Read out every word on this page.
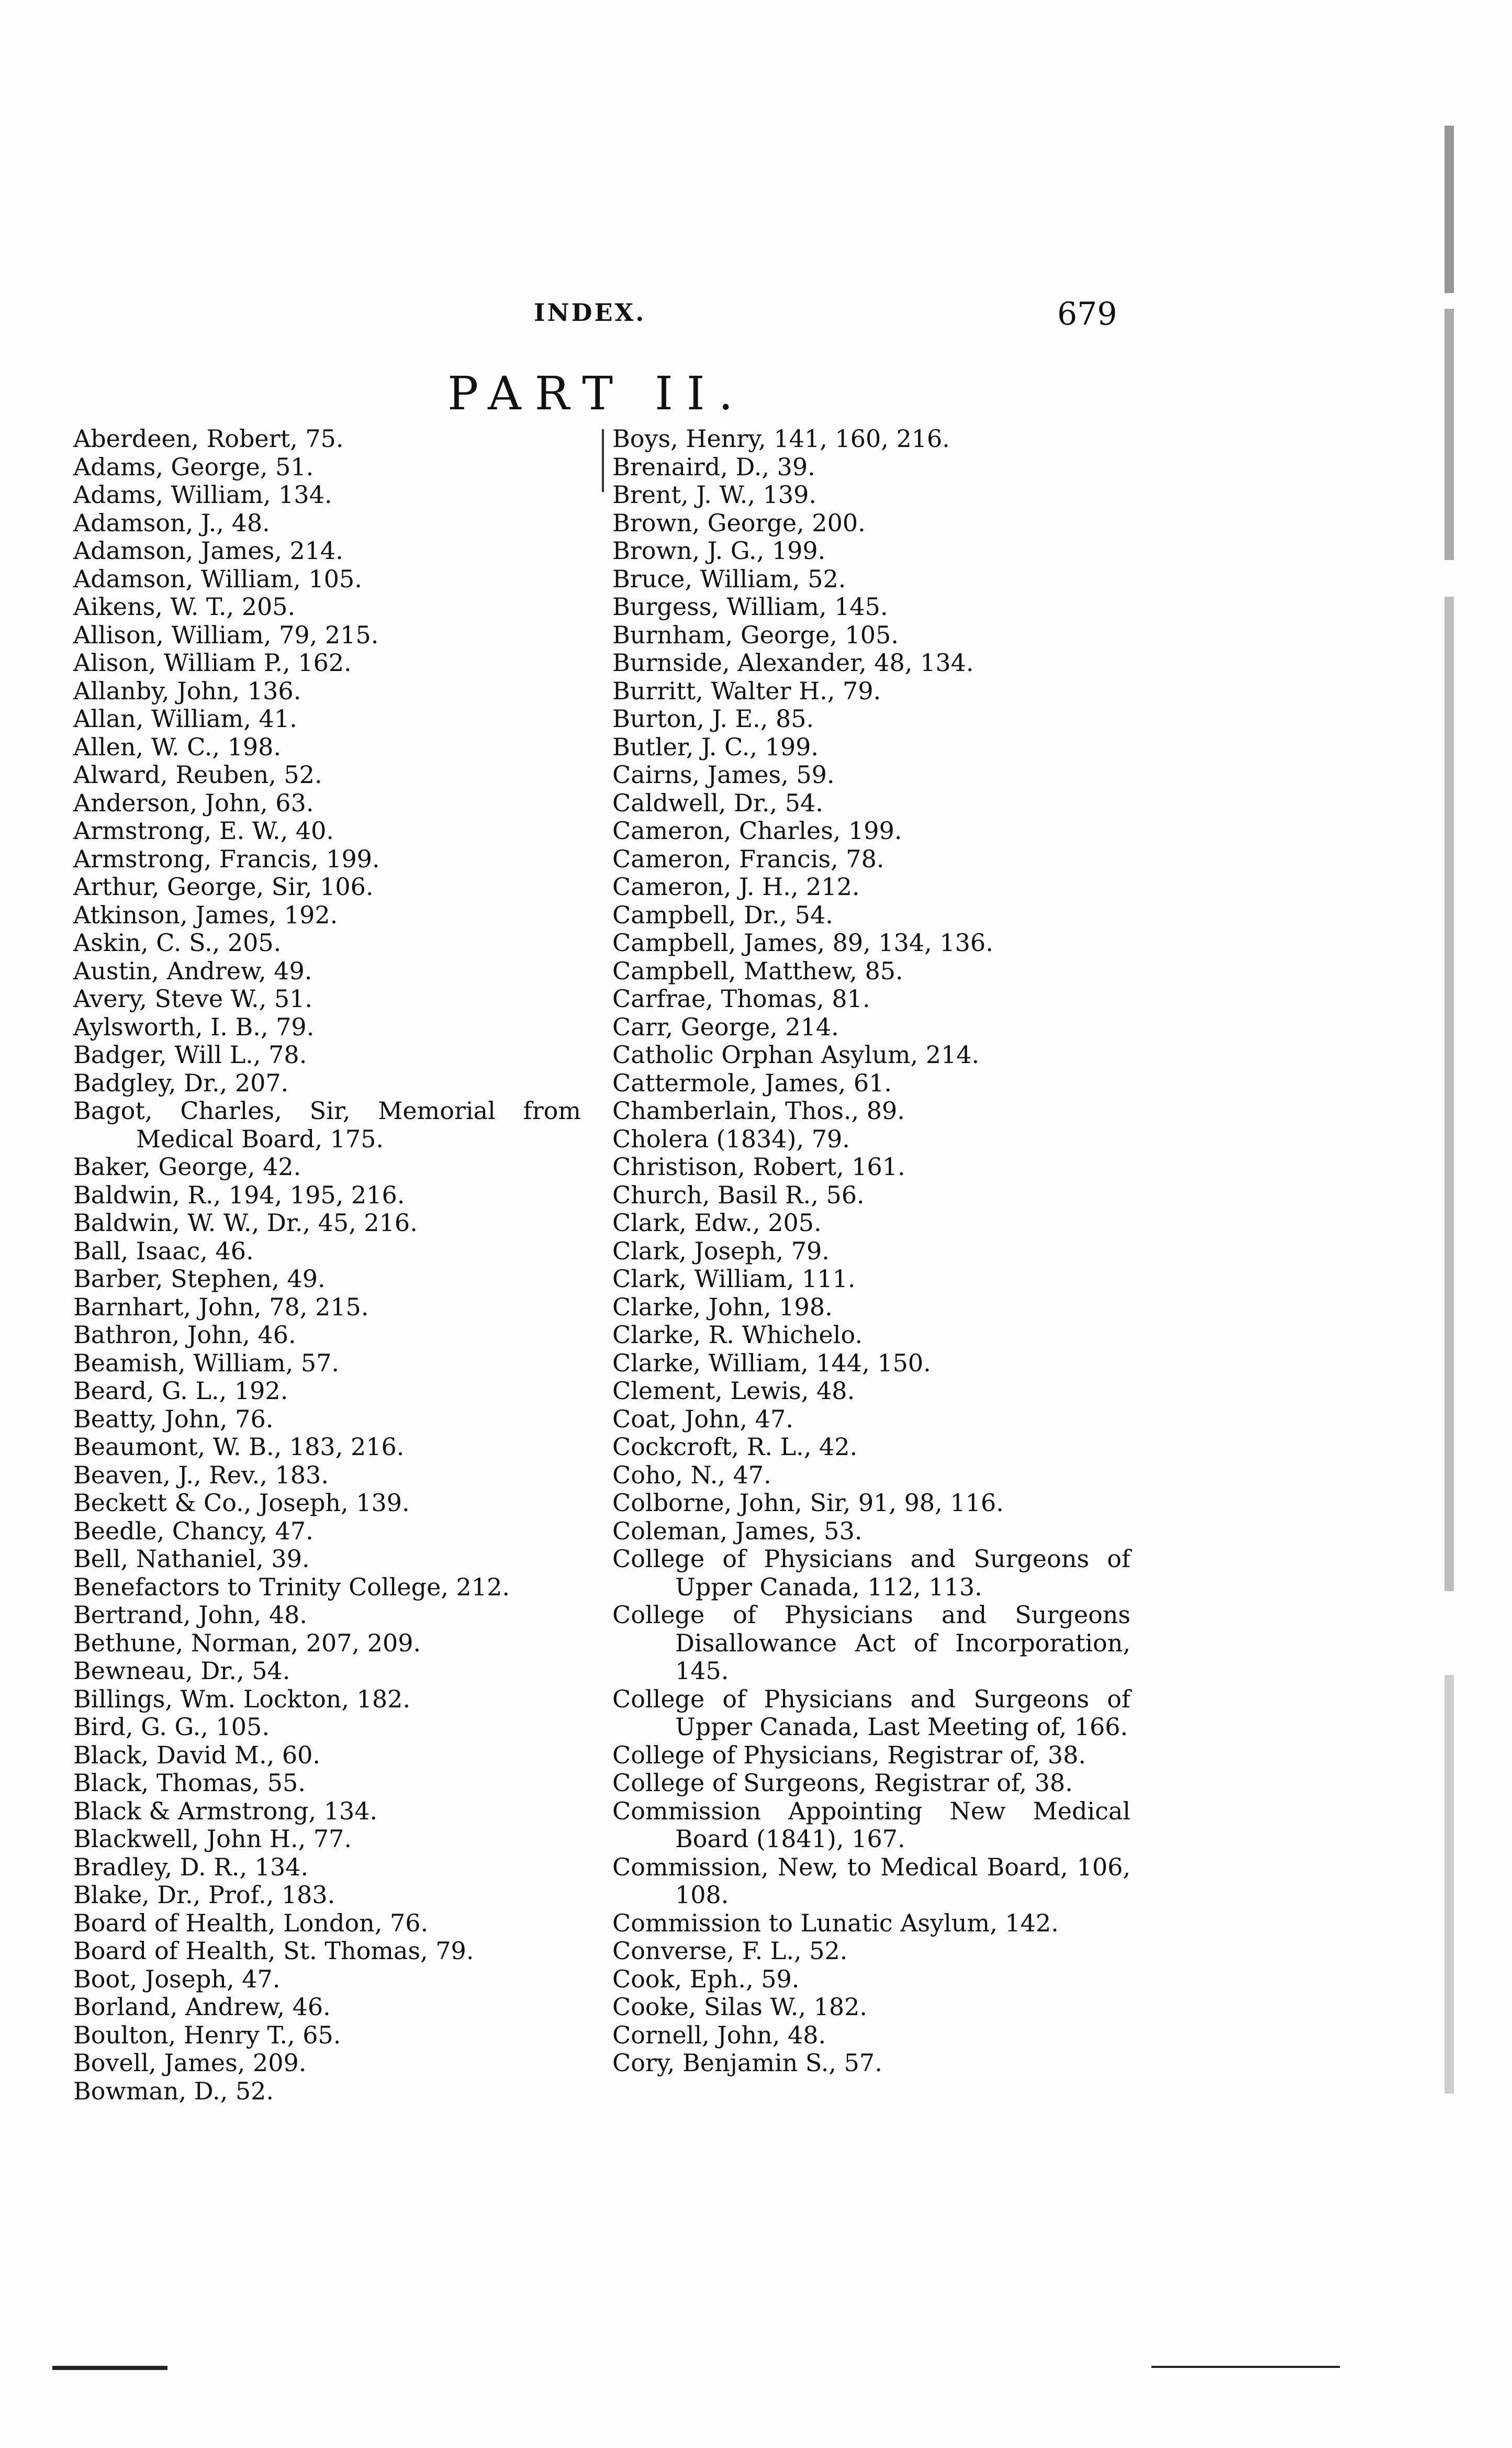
INDEX.	679
PART II.

Aberdeen, Robert, 75.

Adams, George, 51.

Adams, William, 134.

Adamson, J., 48.

Adamson, James, 214.

Adamson, William, 105.

Aikens, W. T., 205.

Allison, William, 79, 215.

Alison, William P., 162.

Allanby, John, 136.

Allan, William, 41.

Allen, W. C., 198.

Alward, Reuben, 52.

Anderson, John, 63.

Armstrong, E. W., 40.

Armstrong, Francis, 199.

Arthur, George, Sir, 106.

Atkinson, James, 192.

Askin, C. S., 205.

Austin, Andrew, 49.

Avery, Steve W., 51.

Aylsworth, I. B., 79.

Badger, Will L., 78.

Badgley, Dr., 207.

Bagot, Charles, Sir, Memorial from Medical Board, 175.

Baker, George, 42.

Baldwin, R., 194, 195, 216.

Baldwin, W. W., Dr., 45, 216.

Ball, Isaac, 46.

Barber, Stephen, 49.

Barnhart, John, 78, 215.

Bathron, John, 46.

Beamish, William, 57.

Beard, G. L., 192.

Beatty, John, 76.

Beaumont, W. B., 183, 216.

Beaven, J., Rev., 183.

Beckett & Co., Joseph, 139.

Beedle, Chancy, 47.

Bell, Nathaniel, 39.

Benefactors to Trinity College, 212.

Bertrand, John, 48.

Bethune, Norman, 207, 209.

Bewneau, Dr., 54.

Billings, Wm. Lockton, 182.

Bird, G. G., 105.

Black, David M., 60.

Black, Thomas, 55.

Black & Armstrong, 134.

Blackwell, John H., 77.

Bradley, D. R., 134.

Blake, Dr., Prof., 183.

Board of Health, London, 76.

Board of Health, St. Thomas, 79.

Boot, Joseph, 47.

Borland, Andrew, 46.

Boulton, Henry T., 65.

Bovell, James, 209.

Bowman, D., 52.

Boys, Henry, 141, 160, 216.

Brenaird, D., 39.

Brent, J. W., 139.

Brown, George, 200.

Brown, J. G., 199.

Bruce, William, 52.

Burgess, William, 145.

Burnham, George, 105.

Burnside, Alexander, 48, 134.

Burritt, Walter H., 79.

Burton, J. E., 85.

Butler, J. C., 199.

Cairns, James, 59.

Caldwell, Dr., 54.

Cameron, Charles, 199.

Cameron, Francis, 78.

Cameron, J. H., 212.

Campbell, Dr., 54.

Campbell, James, 89, 134, 136.

Campbell, Matthew, 85.

Carfrae, Thomas, 81.

Carr, George, 214.

Catholic Orphan Asylum, 214.

Cattermole, James, 61.

Chamberlain, Thos., 89.

Cholera (1834), 79.

Christison, Robert, 161.

Church, Basil R., 56.

Clark, Edw., 205.

Clark, Joseph, 79.

Clark, William, 111.

Clarke, John, 198.

Clarke, R. Whichelo.

Clarke, William, 144, 150.

Clement, Lewis, 48.

Coat, John, 47.

Cockcroft, R. L., 42.

Coho, N., 47.

Colborne, John, Sir, 91, 98, 116.

Coleman, James, 53.

College of Physicians and Surgeons of Upper Canada, 112, 113.

College of Physicians and Surgeons Disallowance Act of Incorporation, 145.

College of Physicians and Surgeons of Upper Canada, Last Meeting of, 166.

College of Physicians, Registrar of, 38.

College of Surgeons, Registrar of, 38.

Commission Appointing New Medical Board (1841), 167.

Commission, New, to Medical Board, 106, 108.

Commission to Lunatic Asylum, 142.

Converse, F. L., 52.

Cook, Eph., 59.

Cooke, Silas W., 182.

Cornell, John, 48.

Cory, Benjamin S., 57.
